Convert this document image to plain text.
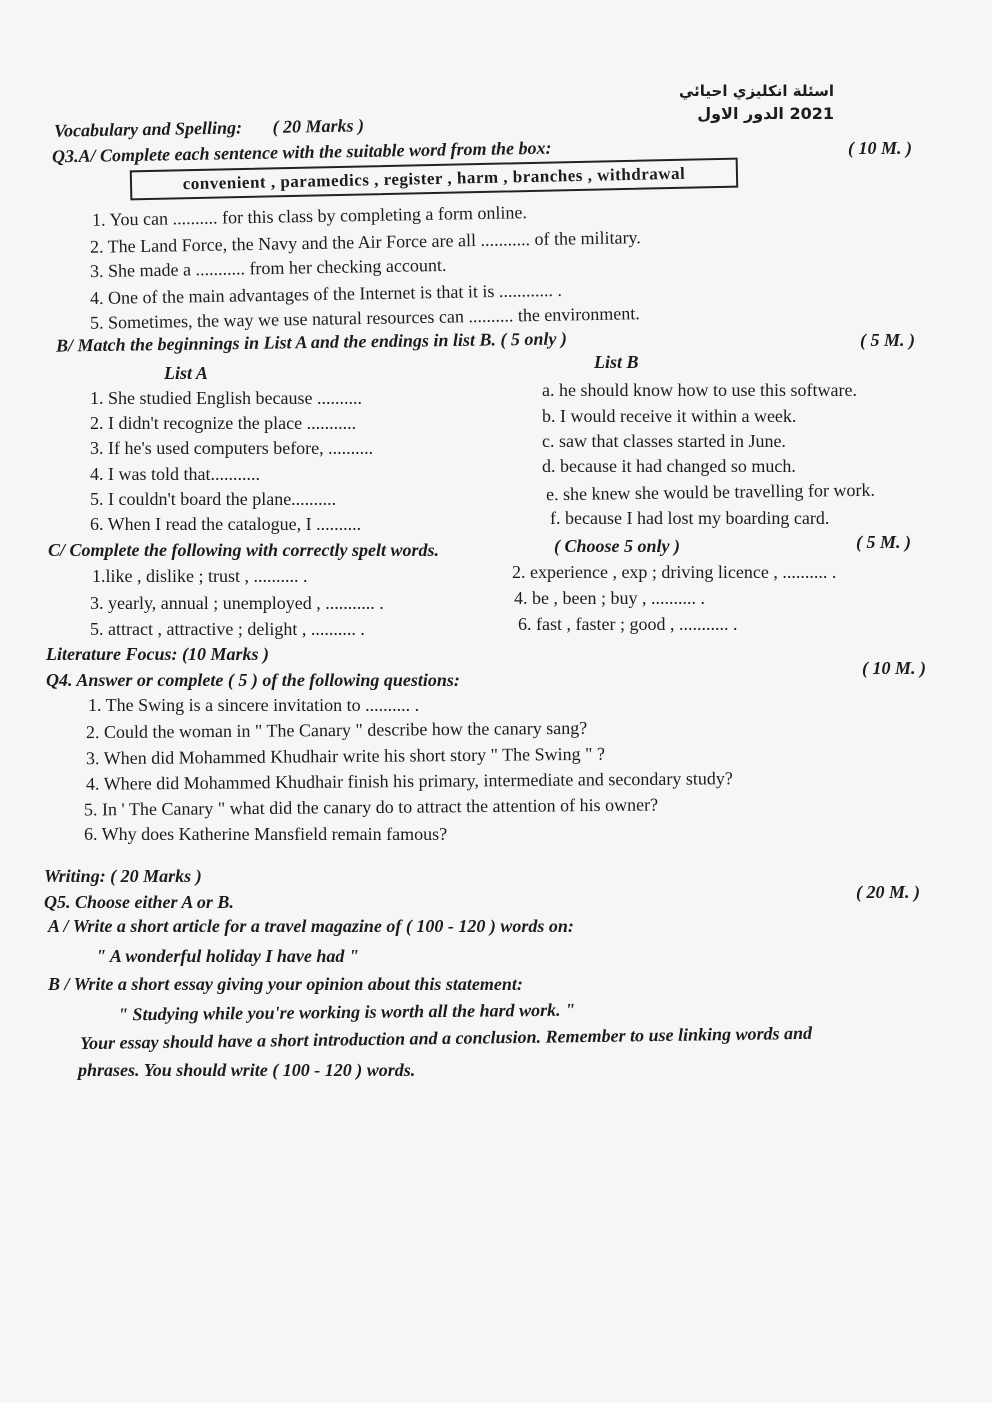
اسئلة انكليزي احيائي
2021 الدور الاول
Vocabulary and Spelling: ( 20 Marks )
Q3.A/ Complete each sentence with the suitable word from the box:	( 10 M. )
convenient , paramedics , register , harm , branches , withdrawal
1. You can .......... for this class by completing a form online.
2. The Land Force, the Navy and the Air Force are all ........... of the military.
3. She made a ........... from her checking account.
4. One of the main advantages of the Internet is that it is ............ .
5. Sometimes, the way we use natural resources can .......... the environment.
B/ Match the beginnings in List A and the endings in list B. ( 5 only )	( 5 M. )
List A
List B
1. She studied English because ..........
2. I didn't recognize the place ...........
3. If he's used computers before, ..........
4. I was told that...........
5. I couldn't board the plane..........
6. When I read the catalogue, I ..........
a. he should know how to use this software.
b. I would receive it within a week.
c. saw that classes started in June.
d. because it had changed so much.
e. she knew she would be travelling for work.
f. because I had lost my boarding card.
C/ Complete the following with correctly spelt words.	( Choose 5 only )	( 5 M. )
1.like , dislike ; trust , .......... .	2. experience , exp ; driving licence , .......... .
3. yearly, annual ; unemployed , ........... .	4. be , been ; buy , .......... .
5. attract , attractive ; delight , .......... .	6. fast , faster ; good , ........... .
Literature Focus: (10 Marks )
Q4. Answer or complete ( 5 ) of the following questions:
( 10 M. )
1. The Swing is a sincere invitation to .......... .
2. Could the woman in " The Canary " describe how the canary sang?
3. When did Mohammed Khudhair write his short story " The Swing " ?
4. Where did Mohammed Khudhair finish his primary, intermediate and secondary study?
5. In ' The Canary " what did the canary do to attract the attention of his owner?
6. Why does Katherine Mansfield remain famous?
Writing: ( 20 Marks )
Q5. Choose either A or B.	( 20 M. )
A / Write a short article for a travel magazine of ( 100 - 120 ) words on:
" A wonderful holiday I have had "
B / Write a short essay giving your opinion about this statement:
" Studying while you're working is worth all the hard work. "
Your essay should have a short introduction and a conclusion. Remember to use linking words and
phrases. You should write ( 100 - 120 ) words.
